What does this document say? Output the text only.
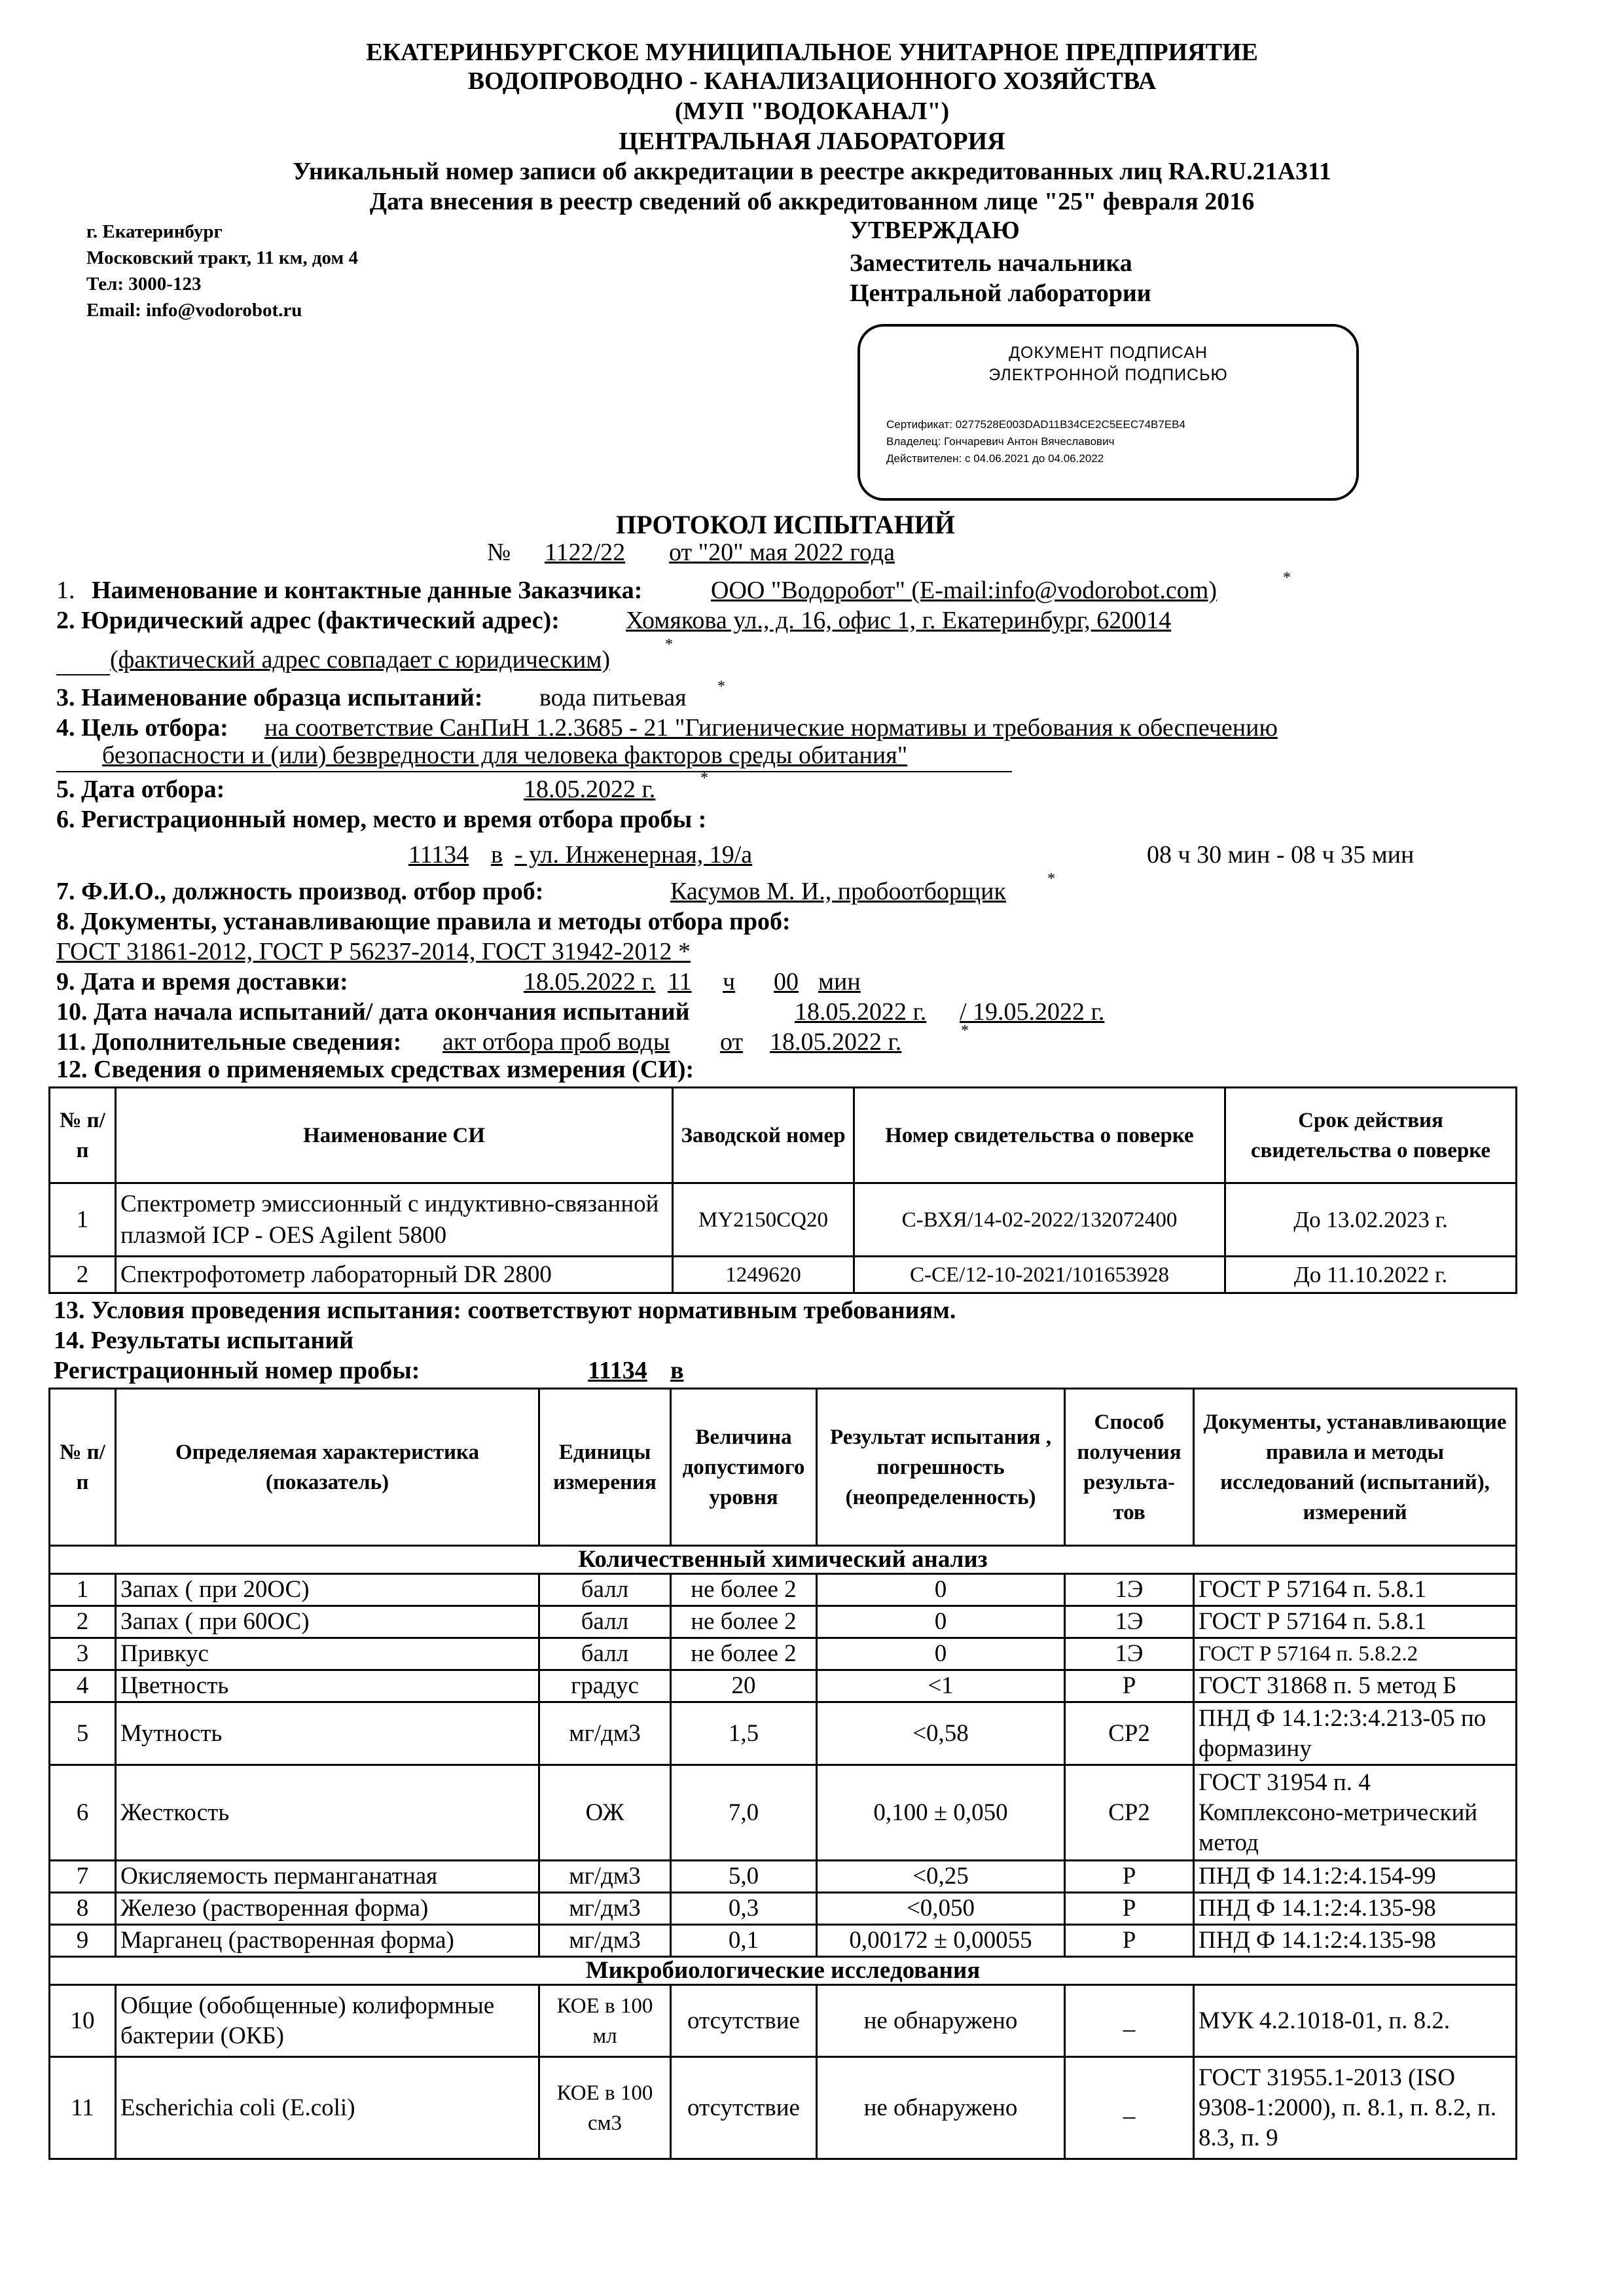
ЕКАТЕРИНБУРГСКОЕ МУНИЦИПАЛЬНОЕ УНИТАРНОЕ ПРЕДПРИЯТИЕ
ВОДОПРОВОДНО - КАНАЛИЗАЦИОННОГО ХОЗЯЙСТВА
(МУП "ВОДОКАНАЛ")
ЦЕНТРАЛЬНАЯ ЛАБОРАТОРИЯ
Уникальный номер записи об аккредитации в реестре аккредитованных лиц RA.RU.21А311
Дата внесения в реестр сведений об аккредитованном лице "25" февраля 2016
г. Екатеринбург
Московский тракт, 11 км, дом 4
Тел: 3000-123
Email: info@vodorobot.ru
УТВЕРЖДАЮ
Заместитель начальника
Центральной лаборатории
ДОКУМЕНТ ПОДПИСАН
ЭЛЕКТРОННОЙ ПОДПИСЬЮ
Сертификат: 0277528E003DAD11B34CE2C5EEC74B7EB4
Владелец: Гончаревич Антон Вячеславович
Действителен: с 04.06.2021 до 04.06.2022
ПРОТОКОЛ ИСПЫТАНИЙ
№ 1122/22 от "20" мая 2022 года
1. Наименование и контактные данные Заказчика:	ООО "Водоробот" (E-mail:info@vodorobot.com)	*
2. Юридический адрес (фактический адрес):	Хомякова ул., д. 16, офис 1, г. Екатеринбург, 620014
(фактический адрес совпадает с юридическим)
*
3. Наименование образца испытаний: вода питьевая *
4. Цель отбора: на соответствие СанПиН 1.2.3685 - 21 "Гигиенические нормативы и требования к обеспечению
безопасности и (или) безвредности для человека факторов среды обитания"
5. Дата отбора:	18.05.2022 г.	*
6. Регистрационный номер, место и время отбора пробы :
11134 в - ул. Инженерная, 19/а	08 ч 30 мин - 08 ч 35 мин
7. Ф.И.О., должность производ. отбор проб:	Касумов М. И., пробоотборщик	*
8. Документы, устанавливающие правила и методы отбора проб:
ГОСТ 31861-2012, ГОСТ Р 56237-2014, ГОСТ 31942-2012 *
9. Дата и время доставки:	18.05.2022 г. 11 ч 00 мин
10. Дата начала испытаний/ дата окончания испытаний	18.05.2022 г. / 19.05.2022 г.
11. Дополнительные сведения: акт отбора проб воды от 18.05.2022 г.	*
12. Сведения о применяемых средствах измерения (СИ):
№ п/п	Наименование СИ	Заводской номер	Номер свидетельства о поверке	Срок действия свидетельства о поверке
1	Спектрометр эмиссионный с индуктивно-связанной плазмой ICP - OES Agilent 5800	MY2150CQ20	С-ВХЯ/14-02-2022/132072400	До 13.02.2023 г.
2	Спектрофотометр лабораторный DR 2800	1249620	С-СЕ/12-10-2021/101653928	До 11.10.2022 г.
13. Условия проведения испытания: соответствуют нормативным требованиям.
14. Результаты испытаний
Регистрационный номер пробы:	11134 в
№ п/п	Определяемая характеристика (показатель)	Единицы измерения	Величина допустимого уровня	Результат испытания , погрешность (неопределенность)	Способ получения результа-тов	Документы, устанавливающие правила и методы исследований (испытаний), измерений
Количественный химический анализ						
1	Запах ( при 20ОС)	балл	не более 2	0	1Э	ГОСТ Р 57164 п. 5.8.1
2	Запах ( при 60ОС)	балл	не более 2	0	1Э	ГОСТ Р 57164 п. 5.8.1
3	Привкус	балл	не более 2	0	1Э	ГОСТ Р 57164 п. 5.8.2.2
4	Цветность	градус	20	<1	Р	ГОСТ 31868 п. 5 метод Б
5	Мутность	мг/дм3	1,5	<0,58	СР2	ПНД Ф 14.1:2:3:4.213-05 по формазину
6	Жесткость	ОЖ	7,0	0,100 ± 0,050	СР2	ГОСТ 31954 п. 4 Комплексоно-метрический метод
7	Окисляемость перманганатная	мг/дм3	5,0	<0,25	Р	ПНД Ф 14.1:2:4.154-99
8	Железо (растворенная форма)	мг/дм3	0,3	<0,050	Р	ПНД Ф 14.1:2:4.135-98
9	Марганец (растворенная форма)	мг/дм3	0,1	0,00172 ± 0,00055	Р	ПНД Ф 14.1:2:4.135-98
Микробиологические исследования						
10	Общие (обобщенные) колиформные бактерии (ОКБ)	КОЕ в 100 мл	отсутствие	не обнаружено	_	МУК 4.2.1018-01, п. 8.2.
11	Escherichia coli (E.coli)	КОЕ в 100 см3	отсутствие	не обнаружено	_	ГОСТ 31955.1-2013 (ISO 9308-1:2000), п. 8.1, п. 8.2, п. 8.3, п. 9
